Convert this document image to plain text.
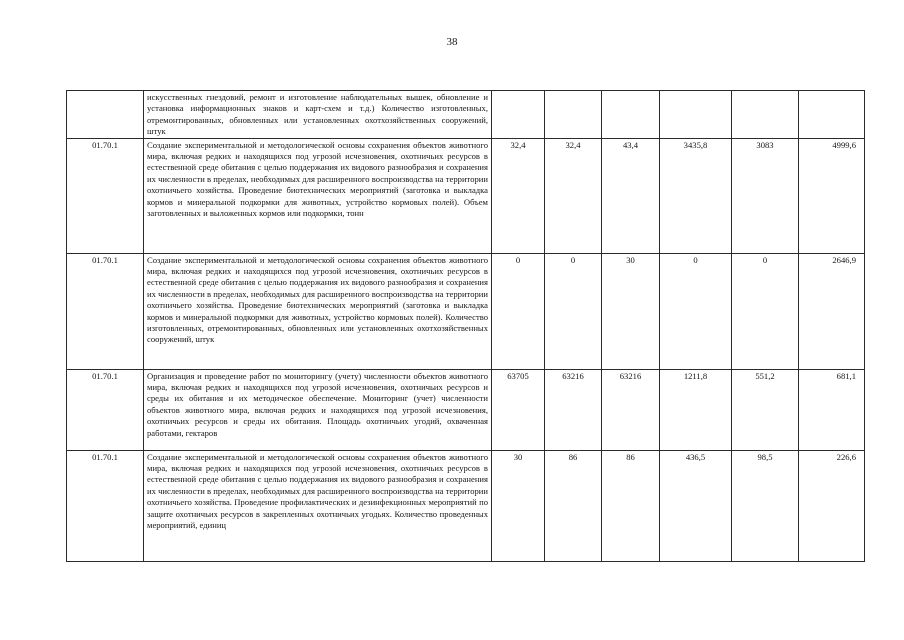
38
	искусственных гнездовий, ремонт и изготовление наблюдательных вышек, обновление и установка информационных знаков и карт-схем и т.д.) Количество изготовленных, отремонтированных, обновленных или установленных охотхозяйственных сооружений, штук						
01.70.1	Создание экспериментальной и методологической основы сохранения объектов животного мира, включая редких и находящихся под угрозой исчезновения, охотничьих ресурсов в естественной среде обитания с целью поддержания их видового разнообразия и сохранения их численности в пределах, необходимых для расширенного воспроизводства на территории охотничьего хозяйства. Проведение биотехнических мероприятий (заготовка и выкладка кормов и минеральной подкормки для животных, устройство кормовых полей). Объем заготовленных и выложенных кормов или подкормки, тонн	32,4	32,4	43,4	3435,8	3083	4999,6
01.70.1	Создание экспериментальной и методологической основы сохранения объектов животного мира, включая редких и находящихся под угрозой исчезновения, охотничьих ресурсов в естественной среде обитания с целью поддержания их видового разнообразия и сохранения их численности в пределах, необходимых для расширенного воспроизводства на территории охотничьего хозяйства. Проведение биотехнических мероприятий (заготовка и выкладка кормов и минеральной подкормки для животных, устройство кормовых полей). Количество изготовленных, отремонтированных, обновленных или установленных охотхозяйственных сооружений, штук	0	0	30	0	0	2646,9
01.70.1	Организация и проведение работ по мониторингу (учету) численности объектов животного мира, включая редких и находящихся под угрозой исчезновения, охотничьих ресурсов и среды их обитания и их методическое обеспечение. Мониторинг (учет) численности объектов животного мира, включая редких и находящихся под угрозой исчезновения, охотничьих ресурсов и среды их обитания. Площадь охотничьих угодий, охваченная работами, гектаров	63705	63216	63216	1211,8	551,2	681,1
01.70.1	Создание экспериментальной и методологической основы сохранения объектов животного мира, включая редких и находящихся под угрозой исчезновения, охотничьих ресурсов в естественной среде обитания с целью поддержания их видового разнообразия и сохранения их численности в пределах, необходимых для расширенного воспроизводства на территории охотничьего хозяйства. Проведение профилактических и дезинфекционных мероприятий по защите охотничьих ресурсов в закрепленных охотничьих угодьях. Количество проведенных мероприятий, единиц	30	86	86	436,5	98,5	226,6
